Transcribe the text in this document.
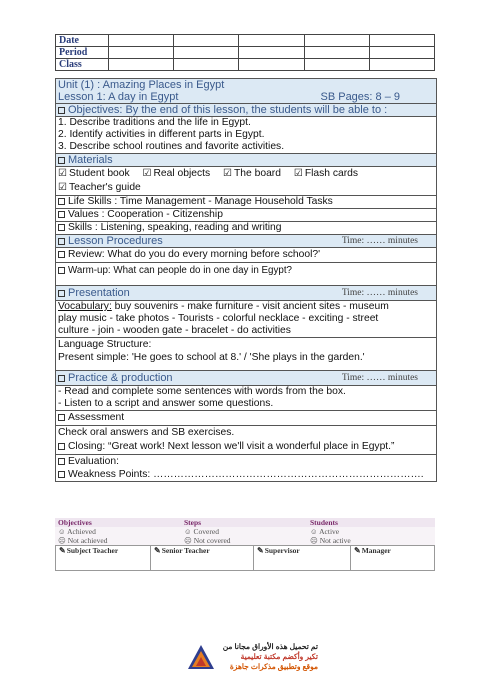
Date					
Period					
Class					
Unit (1) : Amazing Places in Egypt
Lesson 1: A day in Egypt	SB Pages: 8 – 9
Objectives: By the end of this lesson, the students will be able to :
1. Describe traditions and the life in Egypt.
2. Identify activities in different parts in Egypt.
3. Describe school routines and favorite activities.
Materials
☑ Student book ☑ Real objects ☑ The board ☑ Flash cards
☑ Teacher's guide
Life Skills : Time Management - Manage Household Tasks
Values : Cooperation - Citizenship
Skills : Listening, speaking, reading and writing
Lesson Procedures	Time: …… minutes
Review: What do you do every morning before school?'
Warm-up: What can people do in one day in Egypt?
Presentation	Time: …… minutes
Vocabulary: buy souvenirs - make furniture - visit ancient sites - museum
play music - take photos - Tourists - colorful necklace - exciting - street
culture - join - wooden gate - bracelet - do activities
Language Structure:
Present simple: 'He goes to school at 8.' / 'She plays in the garden.'
Practice & production	Time: …… minutes
- Read and complete some sentences with words from the box.
- Listen to a script and answer some questions.
Assessment
Check oral answers and SB exercises.
Closing: “Great work! Next lesson we'll visit a wonderful place in Egypt.”
Evaluation:
Weakness Points: …………………………………………………………………….
Objectives	Steps	Students
☺ Achieved	☺ Covered	☺ Active
☹ Not achieved	☹ Not covered	☹ Not active
✎Subject Teacher	✎Senior Teacher	✎Supervisor	✎Manager
تم تحميل هذه الأوراق مجانا من
تكير وأكضم مكتبة تعليمية
موقع وتطبيق مذكرات جاهزة
